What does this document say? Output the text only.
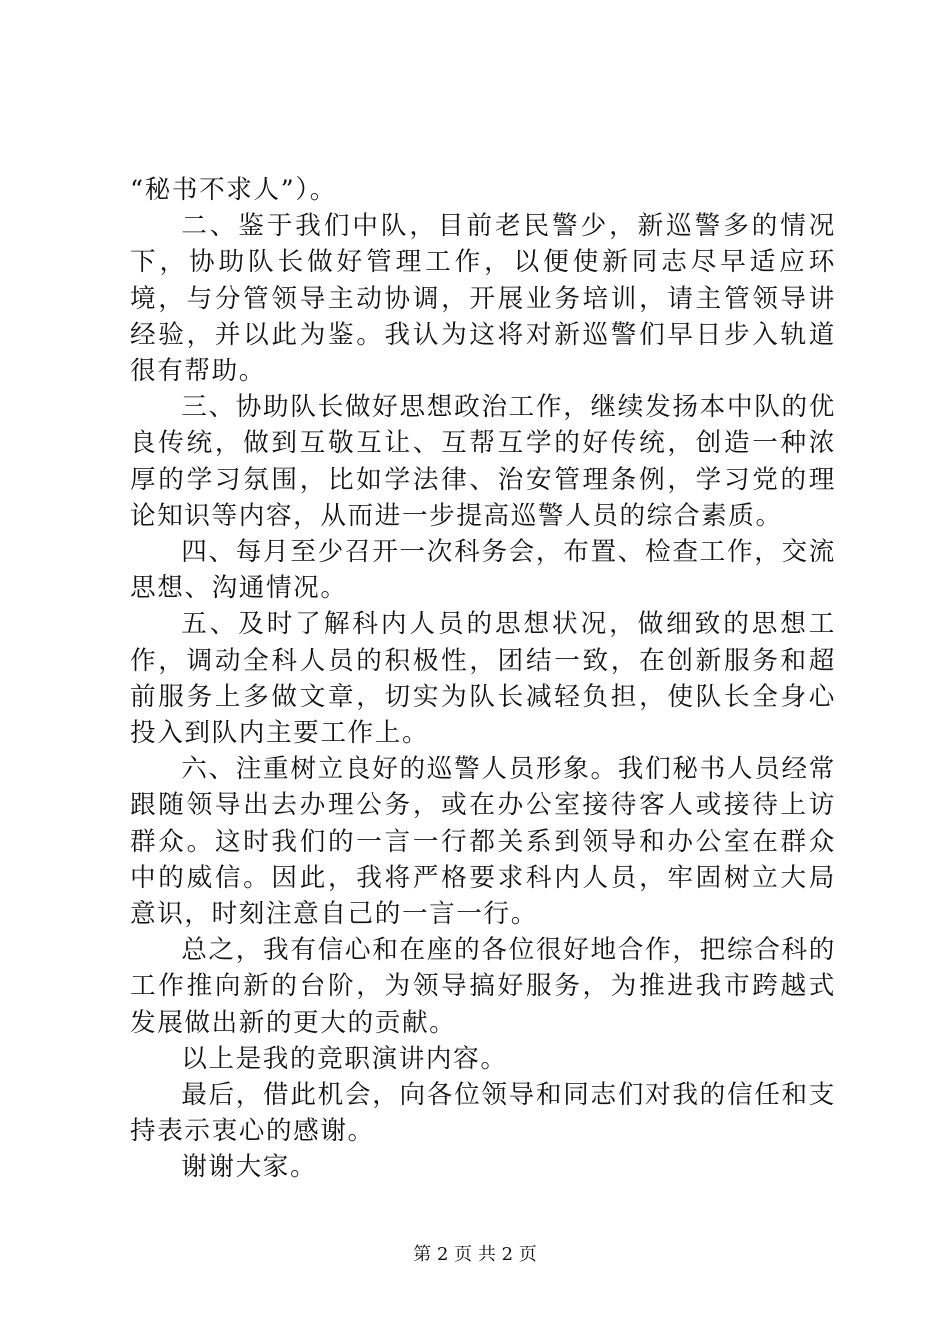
“秘书不求人”）。

二、鉴于我们中队，目前老民警少，新巡警多的情况下，协助队长做好管理工作，以便使新同志尽早适应环境，与分管领导主动协调，开展业务培训，请主管领导讲经验，并以此为鉴。我认为这将对新巡警们早日步入轨道很有帮助。

三、协助队长做好思想政治工作，继续发扬本中队的优良传统，做到互敬互让、互帮互学的好传统，创造一种浓厚的学习氛围，比如学法律、治安管理条例，学习党的理论知识等内容，从而进一步提高巡警人员的综合素质。

四、每月至少召开一次科务会，布置、检查工作，交流思想、沟通情况。

五、及时了解科内人员的思想状况，做细致的思想工作，调动全科人员的积极性，团结一致，在创新服务和超前服务上多做文章，切实为队长减轻负担，使队长全身心投入到队内主要工作上。

六、注重树立良好的巡警人员形象。我们秘书人员经常跟随领导出去办理公务，或在办公室接待客人或接待上访群众。这时我们的一言一行都关系到领导和办公室在群众中的威信。因此，我将严格要求科内人员，牢固树立大局意识，时刻注意自己的一言一行。

总之，我有信心和在座的各位很好地合作，把综合科的工作推向新的台阶，为领导搞好服务，为推进我市跨越式发展做出新的更大的贡献。

以上是我的竞职演讲内容。

最后，借此机会，向各位领导和同志们对我的信任和支持表示衷心的感谢。

谢谢大家。

第 2 页 共 2 页
